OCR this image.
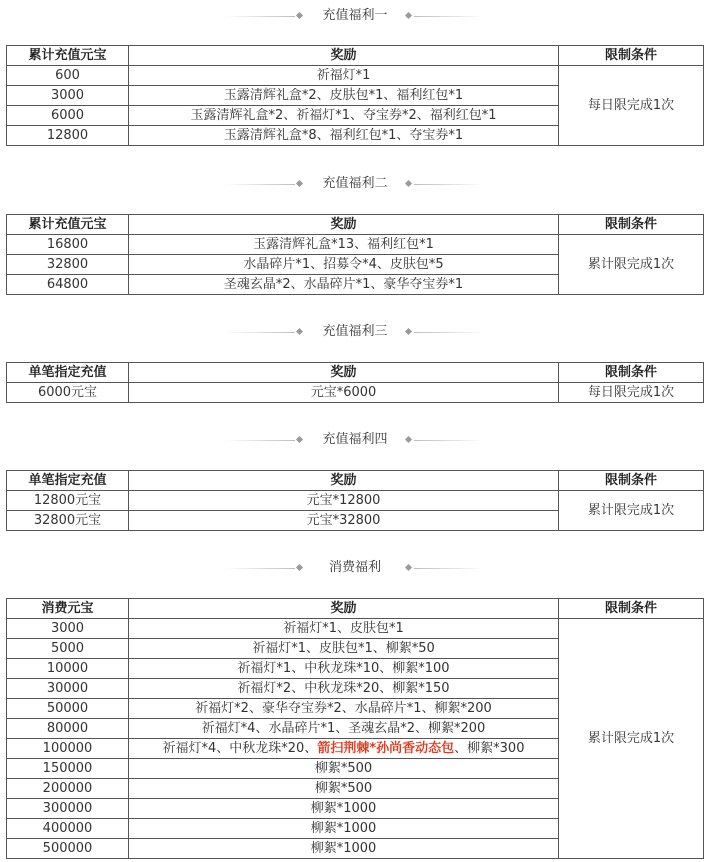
充值福利一
累计充值元宝	奖励	限制条件
600	祈福灯*1	每日限完成1次
3000	玉露清辉礼盒*2、皮肤包*1、福利红包*1	
6000	玉露清辉礼盒*2、祈福灯*1、夺宝券*2、福利红包*1	
12800	玉露清辉礼盒*8、福利红包*1、夺宝券*1	
充值福利二
累计充值元宝	奖励	限制条件
16800	玉露清辉礼盒*13、福利红包*1	累计限完成1次
32800	水晶碎片*1、招募令*4、皮肤包*5	
64800	圣魂玄晶*2、水晶碎片*1、豪华夺宝券*1	
充值福利三
单笔指定充值	奖励	限制条件
6000元宝	元宝*6000	每日限完成1次
充值福利四
单笔指定充值	奖励	限制条件
12800元宝	元宝*12800	累计限完成1次
32800元宝	元宝*32800	
消费福利
消费元宝	奖励	限制条件
3000	祈福灯*1、皮肤包*1	累计限完成1次
5000	祈福灯*1、皮肤包*1、柳絮*50	
10000	祈福灯*1、中秋龙珠*10、柳絮*100	
30000	祈福灯*2、中秋龙珠*20、柳絮*150	
50000	祈福灯*2、豪华夺宝券*2、水晶碎片*1、柳絮*200	
80000	祈福灯*4、水晶碎片*1、圣魂玄晶*2、柳絮*200	
100000	祈福灯*4、中秋龙珠*20、箭扫荆棘*孙尚香动态包、柳絮*300	
150000	柳絮*500	
200000	柳絮*500	
300000	柳絮*1000	
400000	柳絮*1000	
500000	柳絮*1000	
